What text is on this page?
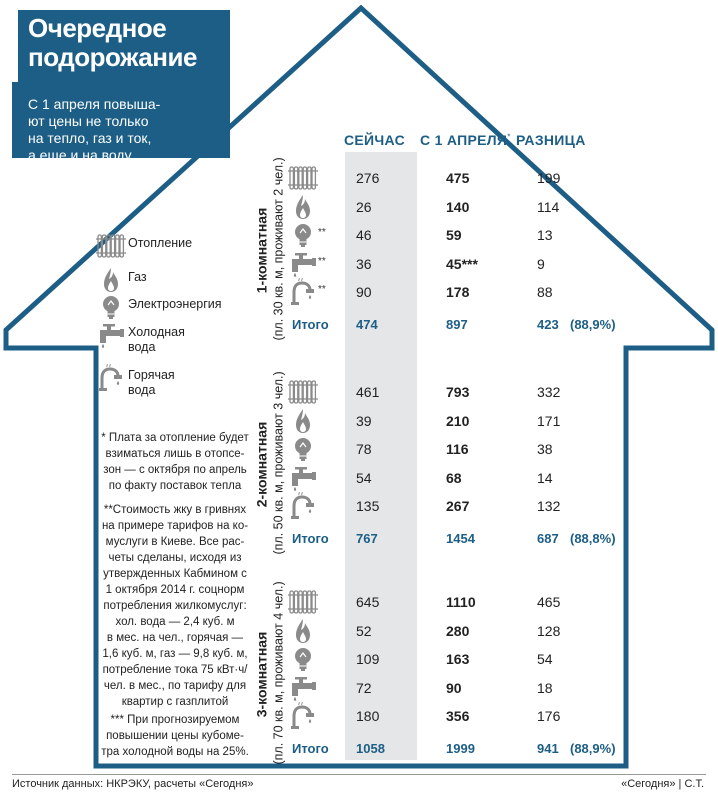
Очередное
подорожание
С 1 апреля повыша-
ют цены не только
на тепло, газ и ток,
а еще и на воду
СЕЙЧАС С 1 АПРЕЛЯ* РАЗНИЦА
Отопление
Газ
Электроэнергия
Холодная
вода
Горячая
вода
1-комнатная (пл. 30 кв. м, проживают 2 чел.)	276	475	199
26	140	114
** 46	59	13
** 36	45***	9
** 90	178	88
Итого 474	897	423 (88,9%)
2-комнатная (пл. 50 кв. м, проживают 3 чел.)	461	793	332
39	210	171
78	116	38
54	68	14
135	267	132
Итого 767	1454	687 (88,8%)
3-комнатная (пл. 70 кв. м, проживают 4 чел.)	645	1110	465
52	280	128
109	163	54
72	90	18
180	356	176
Итого 1058	1999	941 (88,9%)
* Плата за отопление будет
взиматься лишь в отопсе-
зон — с октября по апрель
по факту поставок тепла
**Стоимость жку в гривнях
на примере тарифов на ко-
муслуги в Киеве. Все рас-
четы сделаны, исходя из
утвержденных Кабмином с
1 октября 2014 г. соцнорм
потребления жилкомуслуг:
хол. вода — 2,4 куб. м
в мес. на чел., горячая —
1,6 куб. м, газ — 9,8 куб. м,
потребление тока 75 кВт·ч/
чел. в мес., по тарифу для
квартир с газплитой
*** При прогнозируемом
повышении цены кубоме-
тра холодной воды на 25%.
Источник данных: НКРЭКУ, расчеты «Сегодня»	«Сегодня» | С.Т.
